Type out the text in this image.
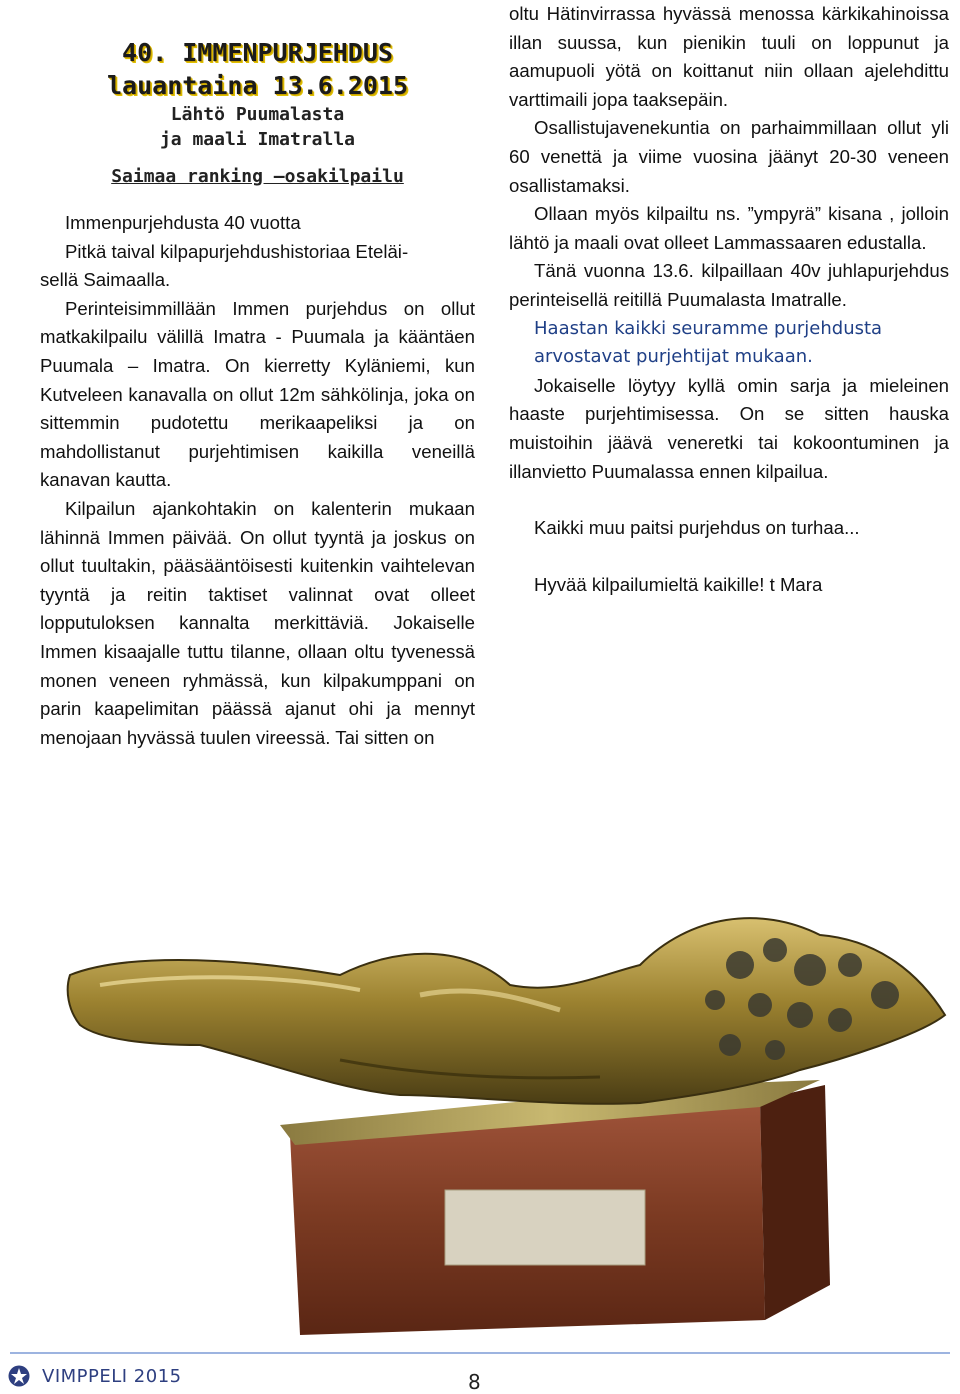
40. IMMENPURJEHDUS
lauantaina 13.6.2015
Lähtö Puumalasta
ja maali Imatralla
Saimaa ranking –osakilpailu

Immenpurjehdusta 40 vuotta

Pitkä taival kilpapurjehdushistoriaa Eteläi-

sellä Saimaalla.

Perinteisimmillään Immen purjehdus on ollut matkakilpailu välillä Imatra - Puumala ja kääntäen Puumala – Imatra. On kierretty Kyläniemi, kun Kutveleen kanavalla on ollut 12m sähkölinja, joka on sittemmin pudotettu merikaapeliksi ja on mahdollistanut purjehtimisen kaikilla veneillä kanavan kautta.

Kilpailun ajankohtakin on kalenterin mukaan lähinnä Immen päivää. On ollut tyyntä ja joskus on ollut tuultakin, pääsääntöisesti kuitenkin vaihtelevan tyyntä ja reitin taktiset valinnat ovat olleet lopputuloksen kannalta merkittäviä. Jokaiselle Immen kisaajalle tuttu tilanne, ollaan oltu tyvenessä monen veneen ryhmässä, kun kilpakumppani on parin kaapelimitan päässä ajanut ohi ja mennyt menojaan hyvässä tuulen vireessä. Tai sitten on

oltu Hätinvirrassa hyvässä menossa kärkikahinoissa illan suussa, kun pienikin tuuli on loppunut ja aamupuoli yötä on koittanut niin ollaan ajelehdittu varttimaili jopa taaksepäin.

Osallistujavenekuntia on parhaimmillaan ollut yli 60 venettä ja viime vuosina jäänyt 20-30 veneen osallistamaksi.

Ollaan myös kilpailtu ns. ”ympyrä” kisana , jolloin lähtö ja maali ovat olleet Lammassaaren edustalla.

Tänä vuonna 13.6. kilpaillaan 40v juhlapurjehdus perinteisellä reitillä Puumalasta Imatralle.

Haastan kaikki seuramme purjehdusta arvostavat purjehtijat mukaan.

Jokaiselle löytyy kyllä omin sarja ja mieleinen haaste purjehtimisessa. On se sitten hauska muistoihin jäävä veneretki tai kokoontuminen ja illanvietto Puumalassa ennen kilpailua.

Kaikki muu paitsi purjehdus on turhaa...

Hyvää kilpailumieltä kaikille! t Mara

VIMPPELI 2015	8
